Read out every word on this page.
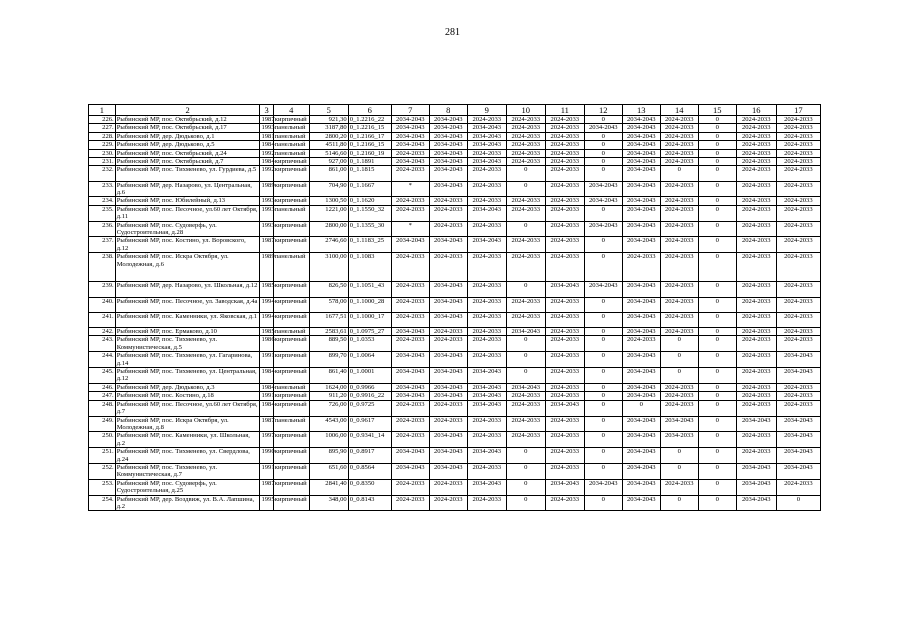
281
1	2	3	4	5	6	7	8	9	10	11	12	13	14	15	16	17
226.	Рыбинский МР, пос. Октябрьский, д.12	1987	кирпичный	921,30	0_1.2216_22	2034-2043	2034-2043	2024-2033	2024-2033	2024-2033	0	2034-2043	2024-2033	0	2024-2033	2024-2033
227.	Рыбинский МР, пос. Октябрьский, д.17	1993	панельный	3187,80	0_1.2216_15	2034-2043	2034-2043	2034-2043	2024-2033	2024-2033	2034-2043	2034-2043	2024-2033	0	2024-2033	2024-2033
228.	Рыбинский МР, дер. Дюдьково, д.1	1981	панельный	2800,20	0_1.2166_17	2034-2043	2034-2043	2034-2043	2024-2033	2024-2033	0	2034-2043	2024-2033	0	2024-2033	2024-2033
229.	Рыбинский МР, дер. Дюдьково, д.5	1984	панельный	4511,80	0_1.2166_15	2034-2043	2034-2043	2034-2043	2024-2033	2024-2033	0	2034-2043	2024-2033	0	2024-2033	2024-2033
230.	Рыбинский МР, пос. Октябрьский, д.24	1992	панельный	5146,60	0_1.2160_19	2024-2033	2034-2043	2024-2033	2024-2033	2024-2033	0	2034-2043	2024-2033	0	2024-2033	2024-2033
231.	Рыбинский МР, пос. Октябрьский, д.7	1984	кирпичный	927,00	0_1.1891	2034-2043	2034-2043	2034-2043	2024-2033	2024-2033	0	2034-2043	2024-2033	0	2024-2033	2024-2033
232.	Рыбинский МР, пос. Тихменево, ул. Гурдиева, д.5	1992	кирпичный	861,00	0_1.1815	2024-2033	2034-2043	2024-2033	0	2024-2033	0	2034-2043	0	0	2024-2033	2024-2033
233.	Рыбинский МР, дер. Назарово, ул. Центральная, д.6	1989	кирпичный	704,90	0_1.1667	*	2034-2043	2024-2033	0	2024-2033	2034-2043	2034-2043	2024-2033	0	2024-2033	2024-2033
234.	Рыбинский МР, пос. Юбилейный, д.13	1993	кирпичный	1300,50	0_1.1620	2024-2033	2024-2033	2024-2033	2024-2033	2024-2033	2034-2043	2034-2043	2024-2033	0	2024-2033	2024-2033
235.	Рыбинский МР, пос. Песочное, ул.60 лет Октября, д.11	1993	панельный	1221,00	0_1.1550_32	2024-2033	2024-2033	2034-2043	2024-2033	2024-2033	0	2034-2043	2024-2033	0	2024-2033	2024-2033
236.	Рыбинский МР, пос. Судоверфь, ул. Судостроительная, д.28	1993	кирпичный	2800,00	0_1.1355_30	*	2024-2033	2024-2033	0	2024-2033	2034-2043	2034-2043	2024-2033	0	2024-2033	2024-2033
237.	Рыбинский МР, пос. Костино, ул. Воровского, д.12	1987	кирпичный	2746,60	0_1.1183_25	2034-2043	2034-2043	2034-2043	2024-2033	2024-2033	0	2034-2043	2024-2033	0	2024-2033	2024-2033
238.	Рыбинский МР, пос. Искра Октября, ул. Молодежная, д.6	1989	панельный	3100,00	0_1.1083	2024-2033	2024-2033	2024-2033	2024-2033	2024-2033	0	2024-2033	2024-2033	0	2024-2033	2024-2033
239.	Рыбинский МР, дер. Назарово, ул. Школьная, д.12	1985	кирпичный	826,50	0_1.1051_43	2024-2033	2034-2043	2024-2033	0	2034-2043	2034-2043	2034-2043	2024-2033	0	2024-2033	2024-2033
240.	Рыбинский МР, пос. Песочное, ул. Заводская, д.4а	1994	кирпичный	578,00	0_1.1000_28	2024-2033	2034-2043	2024-2033	2024-2033	2024-2033	0	2034-2043	2024-2033	0	2024-2033	2024-2033
241.	Рыбинский МР, пос. Каменники, ул. Яковская, д.1	1994	кирпичный	1677,51	0_1.1000_17	2024-2033	2034-2043	2024-2033	2024-2033	2024-2033	0	2034-2043	2024-2033	0	2024-2033	2024-2033
242.	Рыбинский МР, пос. Ермаково, д.10	1985	панельный	2583,61	0_1.0975_27	2034-2043	2024-2033	2024-2033	2034-2043	2024-2033	0	2034-2043	2024-2033	0	2024-2033	2024-2033
243.	Рыбинский МР, пос. Тихменево, ул. Коммунистическая, д.5	1986	кирпичный	889,50	0_1.0353	2024-2033	2024-2033	2024-2033	0	2024-2033	0	2024-2033	0	0	2024-2033	2024-2033
244.	Рыбинский МР, пос. Тихменево, ул. Гагаринова, д.14	1991	кирпичный	899,70	0_1.0064	2034-2043	2034-2043	2024-2033	0	2024-2033	0	2034-2043	0	0	2024-2033	2034-2043
245.	Рыбинский МР, пос. Тихменево, ул. Центральная, д.12	1984	кирпичный	861,40	0_1.0001	2034-2043	2034-2043	2034-2043	0	2024-2033	0	2034-2043	0	0	2024-2033	2034-2043
246.	Рыбинский МР, дер. Дюдьково, д.3	1984	панельный	1624,00	0_0.9966	2034-2043	2034-2043	2034-2043	2034-2043	2024-2033	0	2034-2043	2024-2033	0	2024-2033	2024-2033
247.	Рыбинский МР, пос. Костино, д.18	1991	кирпичный	911,20	0_0.9916_22	2034-2043	2034-2043	2034-2043	2024-2033	2024-2033	0	2034-2043	2024-2033	0	2024-2033	2024-2033
248.	Рыбинский МР, пос. Песочное, ул.60 лет Октября, д.7	1984	кирпичный	726,00	0_0.9725	2024-2033	2024-2033	2034-2043	2024-2033	2034-2043	0	0	2024-2033	0	2024-2033	2024-2033
249.	Рыбинский МР, пос. Искра Октября, ул. Молодежная, д.8	1987	панельный	4543,00	0_0.9617	2024-2033	2024-2033	2024-2033	2024-2033	2024-2033	0	2034-2043	2034-2043	0	2034-2043	2034-2043
250.	Рыбинский МР, пос. Каменники, ул. Школьная, д.2	1997	кирпичный	1006,00	0_0.9341_14	2024-2033	2034-2043	2024-2033	2024-2033	2024-2033	0	2034-2043	2034-2033	0	2024-2033	2034-2043
251.	Рыбинский МР, пос. Тихменево, ул. Свердлова, д.24	1990	кирпичный	895,90	0_0.8917	2034-2043	2034-2043	2034-2043	0	2024-2033	0	2034-2043	0	0	2024-2033	2034-2043
252.	Рыбинский МР, пос. Тихменево, ул. Коммунистическая, д.7	1991	кирпичный	651,60	0_0.8564	2034-2043	2034-2043	2024-2033	0	2024-2033	0	2034-2043	0	0	2034-2043	2034-2043
253.	Рыбинский МР, пос. Судоверфь, ул. Судостроительная, д.25	1987	кирпичный	2841,40	0_0.8350	2024-2033	2024-2033	2034-2043	0	2034-2043	2034-2043	2034-2043	2024-2033	0	2034-2043	2024-2033
254.	Рыбинский МР, дер. Воздвиж, ул. В.А. Лапшина, д.2	1995	кирпичный	348,00	0_0.8143	2024-2033	2024-2033	2024-2033	0	2024-2033	0	2034-2043	0	0	2034-2043	0
